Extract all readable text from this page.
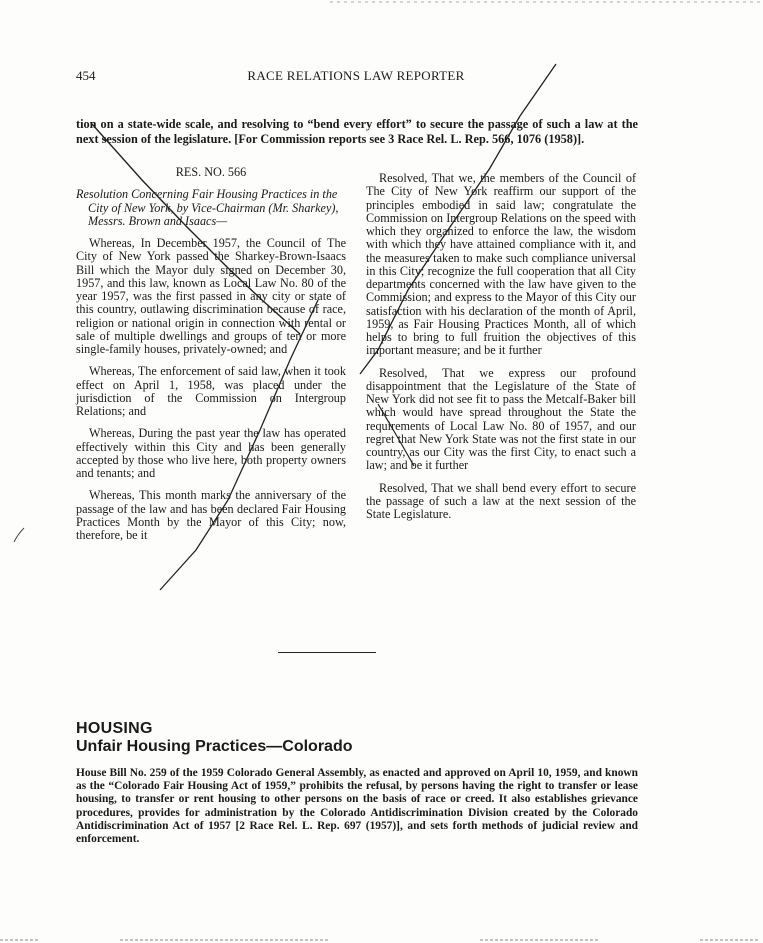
454	RACE RELATIONS LAW REPORTER
tion on a state-wide scale, and resolving to “bend every effort” to secure the passage of such a law at the next session of the legislature. [For Commission reports see 3 Race Rel. L. Rep. 566, 1076 (1958)].
RES. NO. 566
Resolution Concerning Fair Housing Practices in the City of New York, by Vice-Chairman (Mr. Sharkey), Messrs. Brown and Isaacs—

Whereas, In December 1957, the Council of The City of New York passed the Sharkey-Brown-Isaacs Bill which the Mayor duly signed on December 30, 1957, and this law, known as Local Law No. 80 of the year 1957, was the first passed in any city or state of this country, outlawing discrimination because of race, religion or national origin in connection with rental or sale of multiple dwellings and groups of ten or more single-family houses, privately-owned; and

Whereas, The enforcement of said law, when it took effect on April 1, 1958, was placed under the jurisdiction of the Commission on Intergroup Relations; and

Whereas, During the past year the law has operated effectively within this City and has been generally accepted by those who live here, both property owners and tenants; and

Whereas, This month marks the anniversary of the passage of the law and has been declared Fair Housing Practices Month by the Mayor of this City; now, therefore, be it

Resolved, That we, the members of the Council of The City of New York reaffirm our support of the principles embodied in said law; congratulate the Commission on Intergroup Relations on the speed with which they organized to enforce the law, the wisdom with which they have attained compliance with it, and the measures taken to make such compliance universal in this City; recognize the full cooperation that all City departments concerned with the law have given to the Commission; and express to the Mayor of this City our satisfaction with his declaration of the month of April, 1959, as Fair Housing Practices Month, all of which helps to bring to full fruition the objectives of this important measure; and be it further

Resolved, That we express our profound disappointment that the Legislature of the State of New York did not see fit to pass the Metcalf-Baker bill which would have spread throughout the State the requirements of Local Law No. 80 of 1957, and our regret that New York State was not the first state in our country, as our City was the first City, to enact such a law; and be it further

Resolved, That we shall bend every effort to secure the passage of such a law at the next session of the State Legislature.

HOUSING
Unfair Housing Practices—Colorado
House Bill No. 259 of the 1959 Colorado General Assembly, as enacted and approved on April 10, 1959, and known as the “Colorado Fair Housing Act of 1959,” prohibits the refusal, by persons having the right to transfer or lease housing, to transfer or rent housing to other persons on the basis of race or creed. It also establishes grievance procedures, provides for administration by the Colorado Antidiscrimination Division created by the Colorado Antidiscrimination Act of 1957 [2 Race Rel. L. Rep. 697 (1957)], and sets forth methods of judicial review and enforcement.
